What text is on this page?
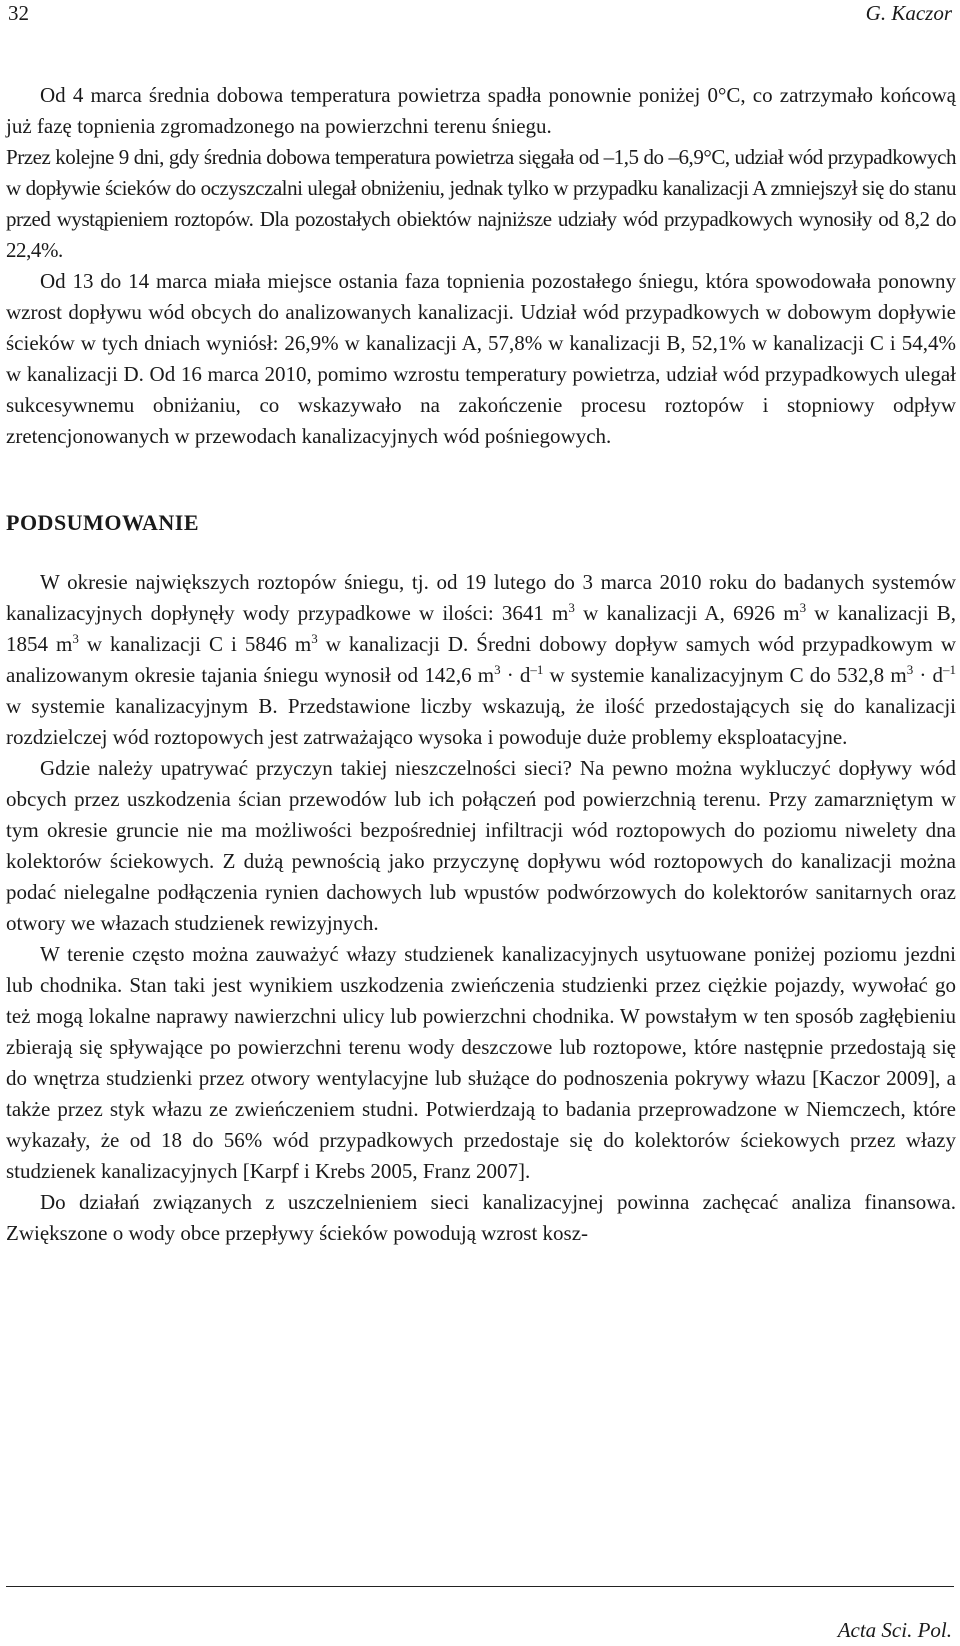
32	G. Kaczor

Od 4 marca średnia dobowa temperatura powietrza spadła ponownie poniżej 0°C, co zatrzymało końcową już fazę topnienia zgromadzonego na powierzchni terenu śniegu.

Przez kolejne 9 dni, gdy średnia dobowa temperatura powietrza sięgała od –1,5 do –6,9°C, udział wód przypadkowych w dopływie ścieków do oczyszczalni ulegał obniżeniu, jednak tylko w przypadku kanalizacji A zmniejszył się do stanu przed wystąpieniem roztopów. Dla pozostałych obiektów najniższe udziały wód przypadkowych wynosiły od 8,2 do 22,4%.

Od 13 do 14 marca miała miejsce ostania faza topnienia pozostałego śniegu, która spowodowała ponowny wzrost dopływu wód obcych do analizowanych kanalizacji. Udział wód przypadkowych w dobowym dopływie ścieków w tych dniach wyniósł: 26,9% w kanalizacji A, 57,8% w kanalizacji B, 52,1% w kanalizacji C i 54,4% w kanalizacji D. Od 16 marca 2010, pomimo wzrostu temperatury powietrza, udział wód przypadkowych ulegał sukcesywnemu obniżaniu, co wskazywało na zakończenie procesu roztopów i stopniowy odpływ zretencjonowanych w przewodach kanalizacyjnych wód pośniegowych.

PODSUMOWANIE

W okresie największych roztopów śniegu, tj. od 19 lutego do 3 marca 2010 roku do badanych systemów kanalizacyjnych dopłynęły wody przypadkowe w ilości: 3641 $m^3$ w kanalizacji A, 6926 $m^3$ w kanalizacji B, 1854 $m^3$ w kanalizacji C i 5846 $m^3$ w kanalizacji D. Średni dobowy dopływ samych wód przypadkowym w analizowanym okresie tajania śniegu wynosił od 142,6 $m^3 \cdot d^{-1}$ w systemie kanalizacyjnym C do 532,8 $m^3 \cdot d^{-1}$ w systemie kanalizacyjnym B. Przedstawione liczby wskazują, że ilość przedostających się do kanalizacji rozdzielczej wód roztopowych jest zatrważająco wysoka i powoduje duże problemy eksploatacyjne.

Gdzie należy upatrywać przyczyn takiej nieszczelności sieci? Na pewno można wykluczyć dopływy wód obcych przez uszkodzenia ścian przewodów lub ich połączeń pod powierzchnią terenu. Przy zamarzniętym w tym okresie gruncie nie ma możliwości bezpośredniej infiltracji wód roztopowych do poziomu niwelety dna kolektorów ściekowych. Z dużą pewnością jako przyczynę dopływu wód roztopowych do kanalizacji można podać nielegalne podłączenia rynien dachowych lub wpustów podwórzowych do kolektorów sanitarnych oraz otwory we włazach studzienek rewizyjnych.

W terenie często można zauważyć włazy studzienek kanalizacyjnych usytuowane poniżej poziomu jezdni lub chodnika. Stan taki jest wynikiem uszkodzenia zwieńczenia studzienki przez ciężkie pojazdy, wywołać go też mogą lokalne naprawy nawierzchni ulicy lub powierzchni chodnika. W powstałym w ten sposób zagłębieniu zbierają się spływające po powierzchni terenu wody deszczowe lub roztopowe, które następnie przedostają się do wnętrza studzienki przez otwory wentylacyjne lub służące do podnoszenia pokrywy włazu [Kaczor 2009], a także przez styk włazu ze zwieńczeniem studni. Potwierdzają to badania przeprowadzone w Niemczech, które wykazały, że od 18 do 56% wód przypadkowych przedostaje się do kolektorów ściekowych przez włazy studzienek kanalizacyjnych [Karpf i Krebs 2005, Franz 2007].

Do działań związanych z uszczelnieniem sieci kanalizacyjnej powinna zachęcać analiza finansowa. Zwiększone o wody obce przepływy ścieków powodują wzrost kosz-

Acta Sci. Pol.
